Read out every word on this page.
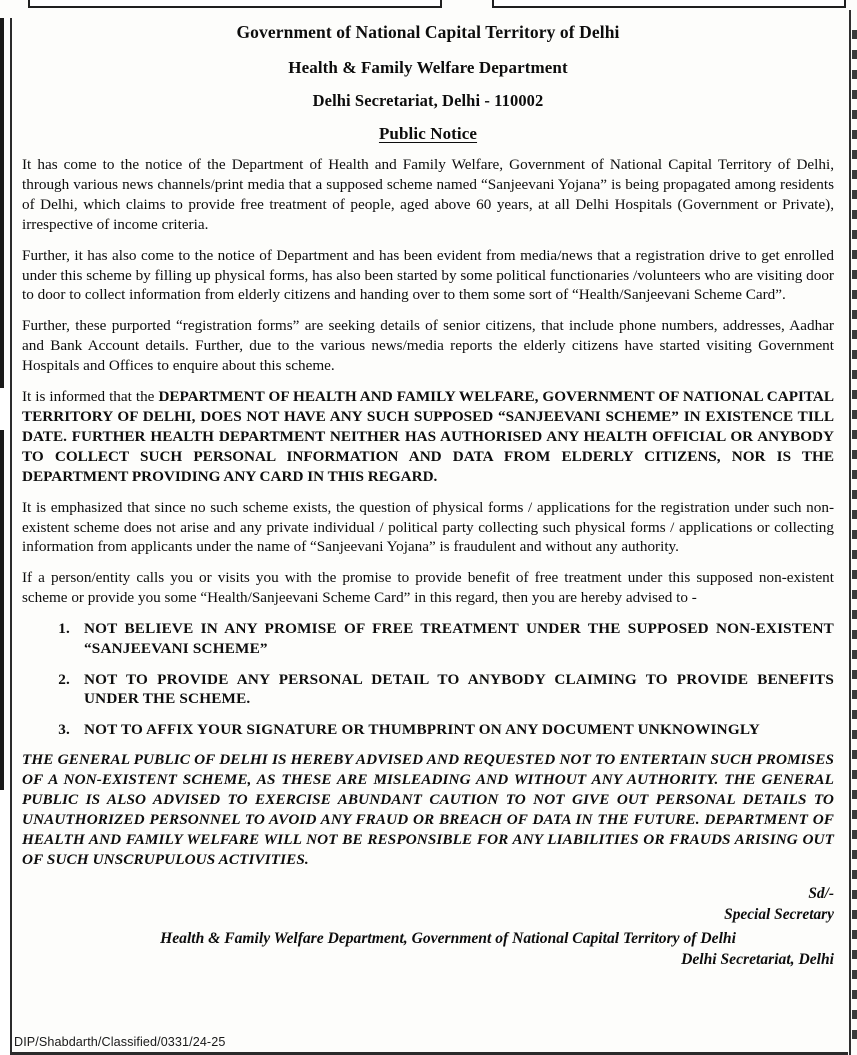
Government of National Capital Territory of Delhi
Health & Family Welfare Department
Delhi Secretariat, Delhi - 110002
Public Notice

It has come to the notice of the Department of Health and Family Welfare, Government of National Capital Territory of Delhi, through various news channels/print media that a supposed scheme named “Sanjeevani Yojana” is being propagated among residents of Delhi, which claims to provide free treatment of people, aged above 60 years, at all Delhi Hospitals (Government or Private), irrespective of income criteria.

Further, it has also come to the notice of Department and has been evident from media/news that a registration drive to get enrolled under this scheme by filling up physical forms, has also been started by some political functionaries /volunteers who are visiting door to door to collect information from elderly citizens and handing over to them some sort of “Health/Sanjeevani Scheme Card”.

Further, these purported “registration forms” are seeking details of senior citizens, that include phone numbers, addresses, Aadhar and Bank Account details. Further, due to the various news/media reports the elderly citizens have started visiting Government Hospitals and Offices to enquire about this scheme.

It is informed that the DEPARTMENT OF HEALTH AND FAMILY WELFARE, GOVERNMENT OF NATIONAL CAPITAL TERRITORY OF DELHI, DOES NOT HAVE ANY SUCH SUPPOSED “SANJEEVANI SCHEME” IN EXISTENCE TILL DATE. FURTHER HEALTH DEPARTMENT NEITHER HAS AUTHORISED ANY HEALTH OFFICIAL OR ANYBODY TO COLLECT SUCH PERSONAL INFORMATION AND DATA FROM ELDERLY CITIZENS, NOR IS THE DEPARTMENT PROVIDING ANY CARD IN THIS REGARD.

It is emphasized that since no such scheme exists, the question of physical forms / applications for the registration under such non-existent scheme does not arise and any private individual / political party collecting such physical forms / applications or collecting information from applicants under the name of “Sanjeevani Yojana” is fraudulent and without any authority.

If a person/entity calls you or visits you with the promise to provide benefit of free treatment under this supposed non-existent scheme or provide you some “Health/Sanjeevani Scheme Card” in this regard, then you are hereby advised to -

1. NOT BELIEVE IN ANY PROMISE OF FREE TREATMENT UNDER THE SUPPOSED NON-EXISTENT “SANJEEVANI SCHEME”
2. NOT TO PROVIDE ANY PERSONAL DETAIL TO ANYBODY CLAIMING TO PROVIDE BENEFITS UNDER THE SCHEME.
3. NOT TO AFFIX YOUR SIGNATURE OR THUMBPRINT ON ANY DOCUMENT UNKNOWINGLY

THE GENERAL PUBLIC OF DELHI IS HEREBY ADVISED AND REQUESTED NOT TO ENTERTAIN SUCH PROMISES OF A NON-EXISTENT SCHEME, AS THESE ARE MISLEADING AND WITHOUT ANY AUTHORITY. THE GENERAL PUBLIC IS ALSO ADVISED TO EXERCISE ABUNDANT CAUTION TO NOT GIVE OUT PERSONAL DETAILS TO UNAUTHORIZED PERSONNEL TO AVOID ANY FRAUD OR BREACH OF DATA IN THE FUTURE. DEPARTMENT OF HEALTH AND FAMILY WELFARE WILL NOT BE RESPONSIBLE FOR ANY LIABILITIES OR FRAUDS ARISING OUT OF SUCH UNSCRUPULOUS ACTIVITIES.

Sd/-
Special Secretary
Health & Family Welfare Department, Government of National Capital Territory of Delhi
Delhi Secretariat, Delhi
DIP/Shabdarth/Classified/0331/24-25
